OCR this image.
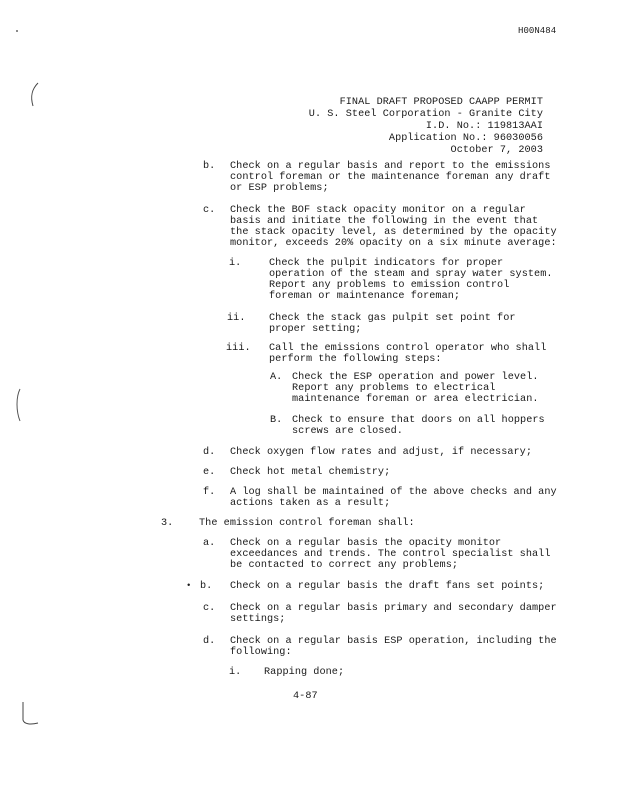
H00N484
FINAL DRAFT PROPOSED CAAPP PERMIT
U. S. Steel Corporation - Granite City
I.D. No.: 119813AAI
Application No.: 96030056
October 7, 2003
b. Check on a regular basis and report to the emissions
control foreman or the maintenance foreman any draft
or ESP problems;
c. Check the BOF stack opacity monitor on a regular
basis and initiate the following in the event that
the stack opacity level, as determined by the opacity
monitor, exceeds 20% opacity on a six minute average:
i.	Check the pulpit indicators for proper
operation of the steam and spray water system.
Report any problems to emission control
foreman or maintenance foreman;
ii. Check the stack gas pulpit set point for
proper setting;
iii. Call the emissions control operator who shall
perform the following steps:
A. Check the ESP operation and power level.
Report any problems to electrical
maintenance foreman or area electrician.
B. Check to ensure that doors on all hoppers
screws are closed.
d. Check oxygen flow rates and adjust, if necessary;
e. Check hot metal chemistry;
f. A log shall be maintained of the above checks and any
actions taken as a result;
3.	The emission control foreman shall:
a. Check on a regular basis the opacity monitor
exceedances and trends. The control specialist shall
be contacted to correct any problems;
• b. Check on a regular basis the draft fans set points;
c. Check on a regular basis primary and secondary damper
settings;
d. Check on a regular basis ESP operation, including the
following:
i. Rapping done;
4-87
